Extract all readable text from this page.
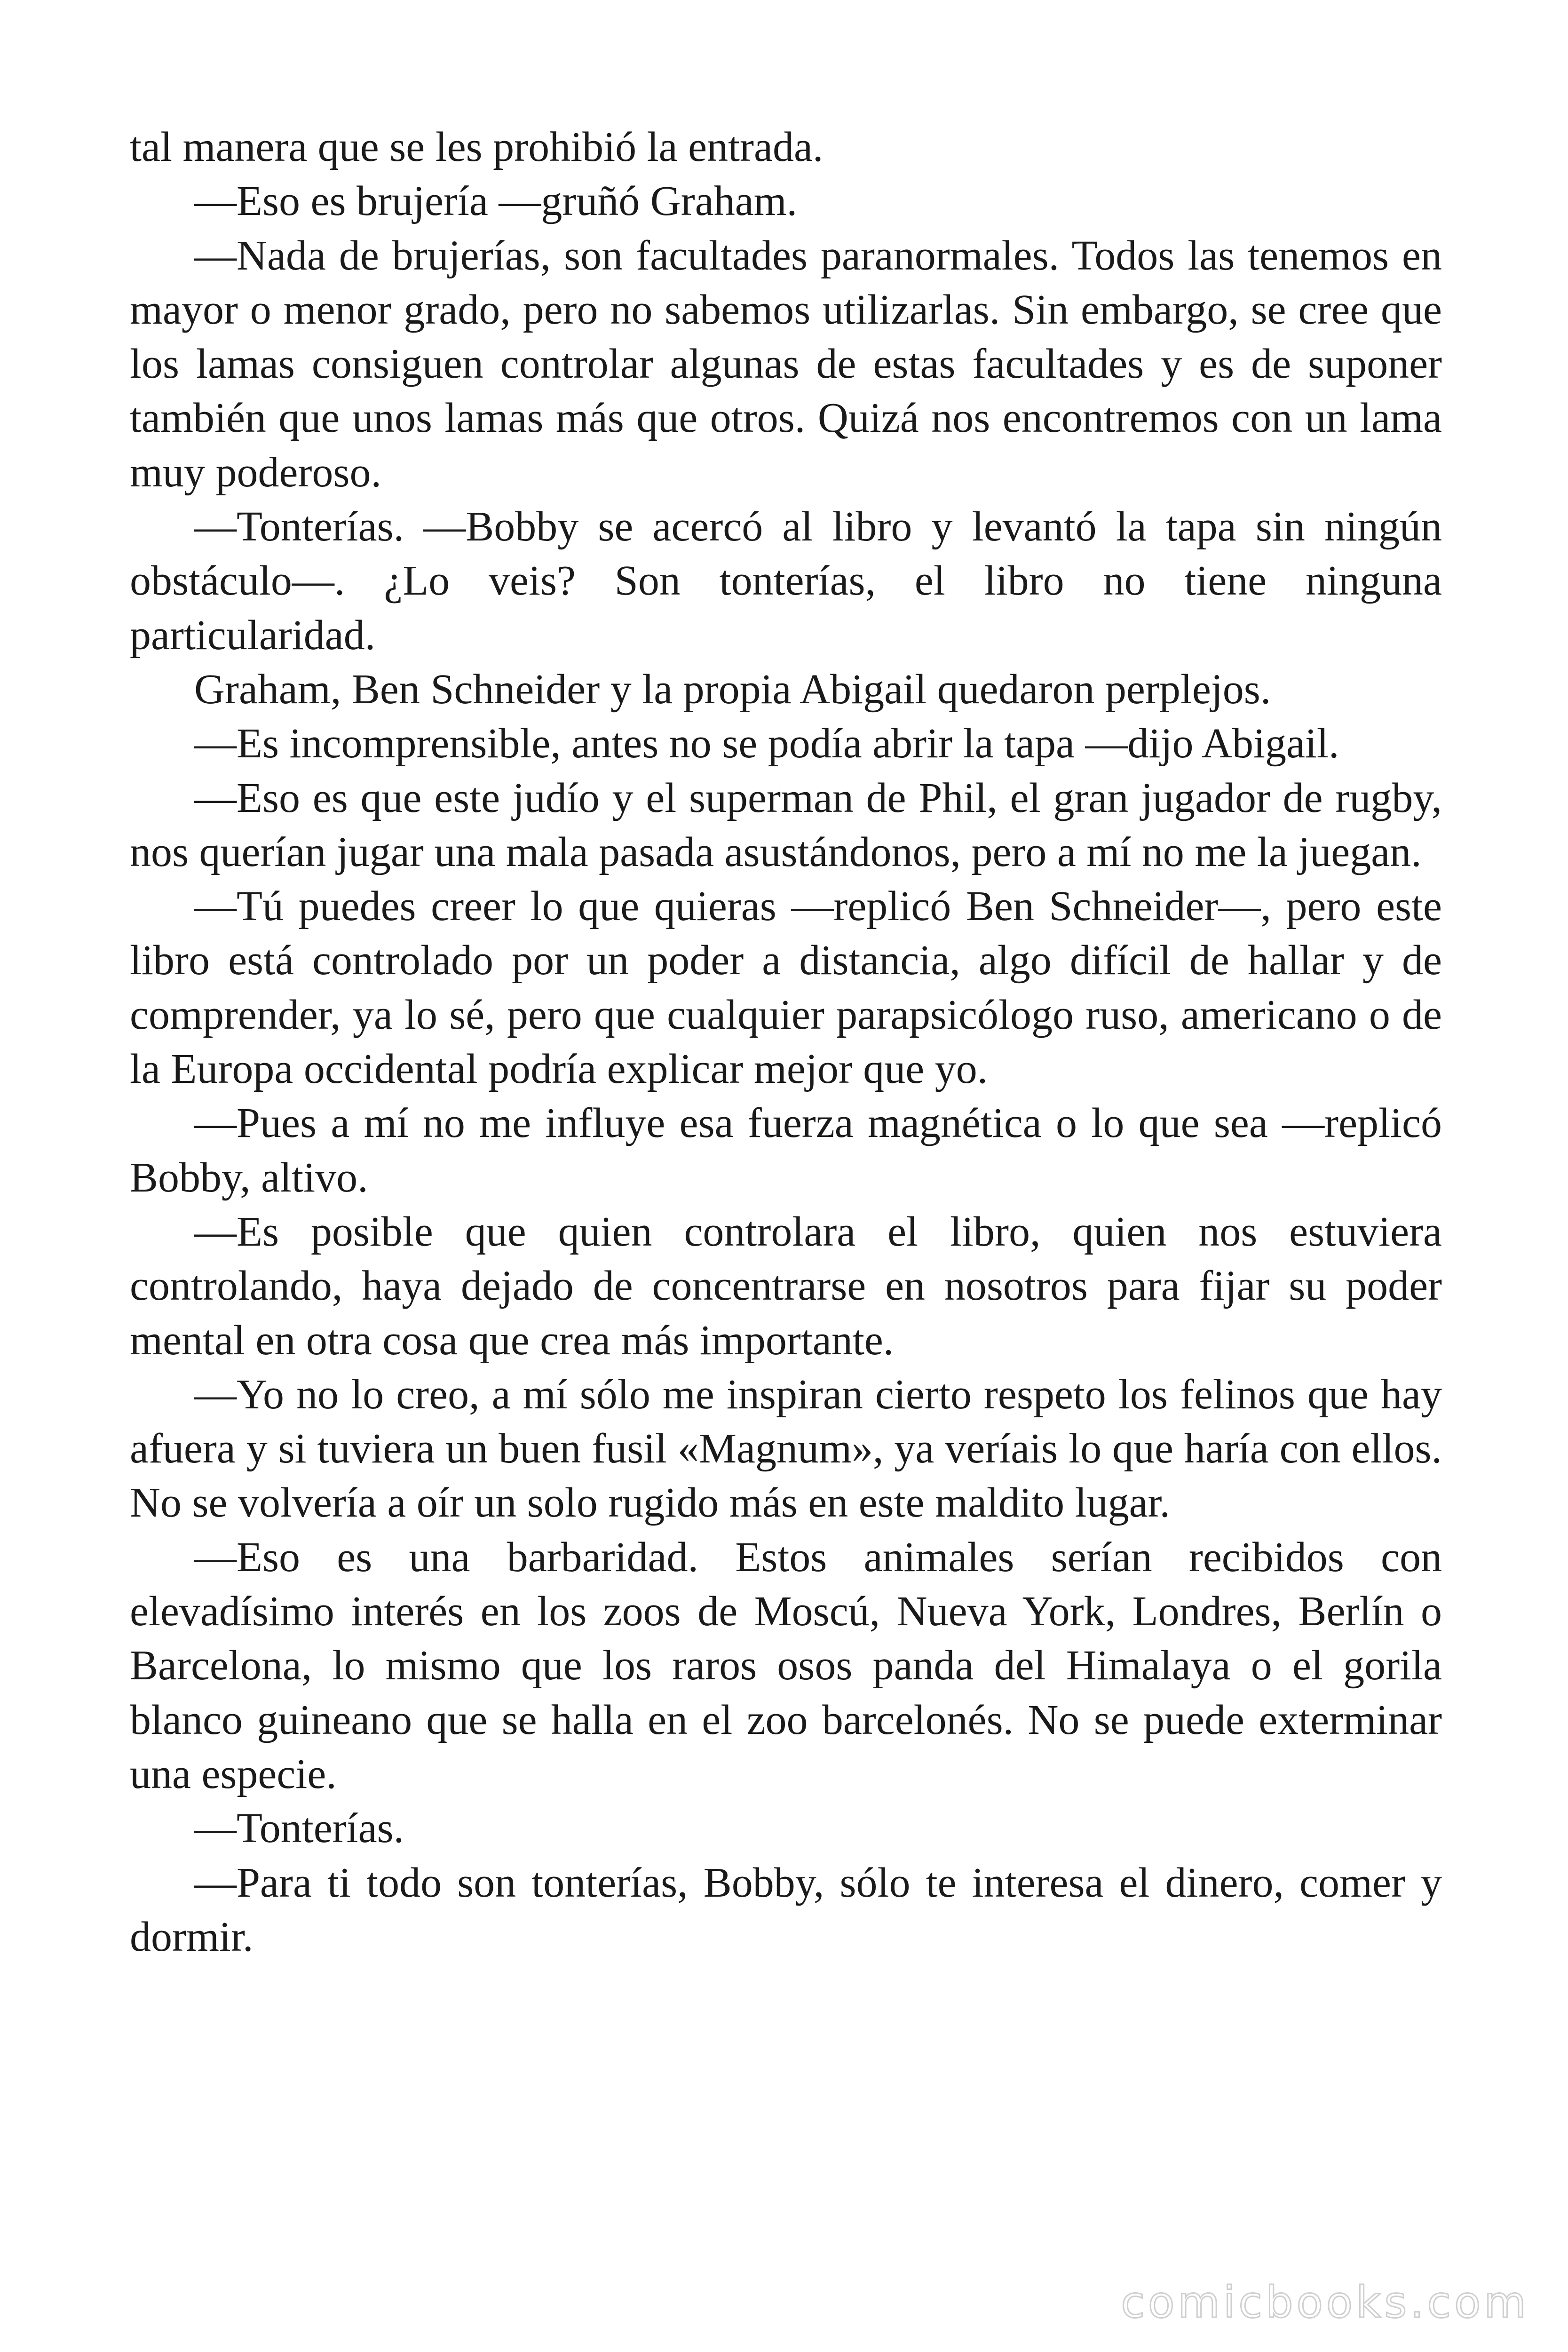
tal manera que se les prohibió la entrada.

—Eso es brujería —gruñó Graham.

—Nada de brujerías, son facultades paranormales. Todos las tenemos en mayor o menor grado, pero no sabemos utilizarlas. Sin embargo, se cree que los lamas consiguen controlar algunas de estas facultades y es de suponer también que unos lamas más que otros. Quizá nos encontremos con un lama muy poderoso.

—Tonterías. —Bobby se acercó al libro y levantó la tapa sin ningún obstáculo—. ¿Lo veis? Son tonterías, el libro no tiene ninguna particularidad.

Graham, Ben Schneider y la propia Abigail quedaron perplejos.

—Es incomprensible, antes no se podía abrir la tapa —dijo Abigail.

—Eso es que este judío y el superman de Phil, el gran jugador de rugby, nos querían jugar una mala pasada asustándonos, pero a mí no me la juegan.

—Tú puedes creer lo que quieras —replicó Ben Schneider—, pero este libro está controlado por un poder a distancia, algo difícil de hallar y de comprender, ya lo sé, pero que cualquier parapsicólogo ruso, americano o de la Europa occidental podría explicar mejor que yo.

—Pues a mí no me influye esa fuerza magnética o lo que sea —replicó Bobby, altivo.

—Es posible que quien controlara el libro, quien nos estuviera controlando, haya dejado de concentrarse en nosotros para fijar su poder mental en otra cosa que crea más importante.

—Yo no lo creo, a mí sólo me inspiran cierto respeto los felinos que hay afuera y si tuviera un buen fusil «Magnum», ya veríais lo que haría con ellos. No se volvería a oír un solo rugido más en este maldito lugar.

—Eso es una barbaridad. Estos animales serían recibidos con elevadísimo interés en los zoos de Moscú, Nueva York, Londres, Berlín o Barcelona, lo mismo que los raros osos panda del Himalaya o el gorila blanco guineano que se halla en el zoo barcelonés. No se puede exterminar una especie.

—Tonterías.

—Para ti todo son tonterías, Bobby, sólo te interesa el dinero, comer y dormir.

comicbooks.com
